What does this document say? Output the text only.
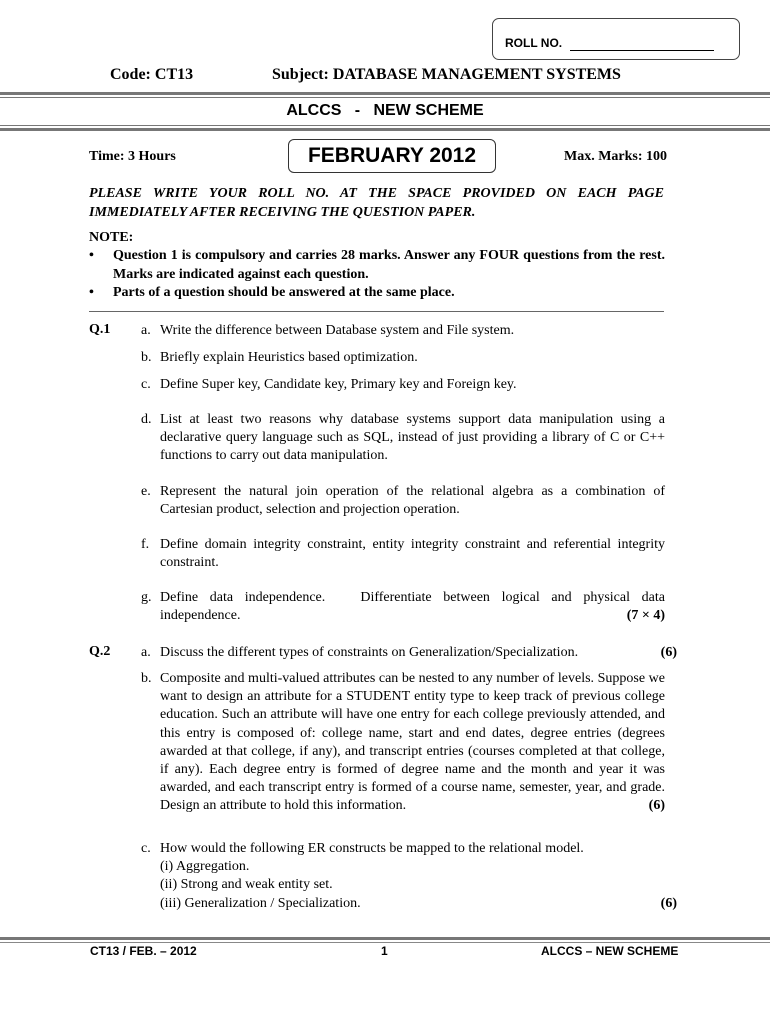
ROLL NO.
Code: CT13	Subject: DATABASE MANAGEMENT SYSTEMS
ALCCS   -   NEW SCHEME
Time: 3 Hours	FEBRUARY 2012	Max. Marks: 100
PLEASE WRITE YOUR ROLL NO. AT THE SPACE PROVIDED ON EACH PAGE IMMEDIATELY AFTER RECEIVING THE QUESTION PAPER.
NOTE:
• Question 1 is compulsory and carries 28 marks. Answer any FOUR questions from the rest. Marks are indicated against each question.
• Parts of a question should be answered at the same place.
Q.1 a. Write the difference between Database system and File system.
b. Briefly explain Heuristics based optimization.
c. Define Super key, Candidate key, Primary key and Foreign key.
d. List at least two reasons why database systems support data manipulation using a declarative query language such as SQL, instead of just providing a library of C or C++ functions to carry out data manipulation.
e. Represent the natural join operation of the relational algebra as a combination of Cartesian product, selection and projection operation.
f. Define domain integrity constraint, entity integrity constraint and referential integrity constraint.
g. Define data independence.   Differentiate between logical and physical data independence.	(7 × 4)
Q.2 a. Discuss the different types of constraints on Generalization/Specialization.	(6)
b. Composite and multi-valued attributes can be nested to any number of levels. Suppose we want to design an attribute for a STUDENT entity type to keep track of previous college education. Such an attribute will have one entry for each college previously attended, and this entry is composed of: college name, start and end dates, degree entries (degrees awarded at that college, if any), and transcript entries (courses completed at that college, if any). Each degree entry is formed of degree name and the month and year it was awarded, and each transcript entry is formed of a course name, semester, year, and grade. Design an attribute to hold this information.	(6)
c. How would the following ER constructs be mapped to the relational model.
(i) Aggregation.
(ii) Strong and weak entity set.
(iii) Generalization / Specialization.	(6)
CT13 / FEB. – 2012	1	ALCCS – NEW SCHEME
